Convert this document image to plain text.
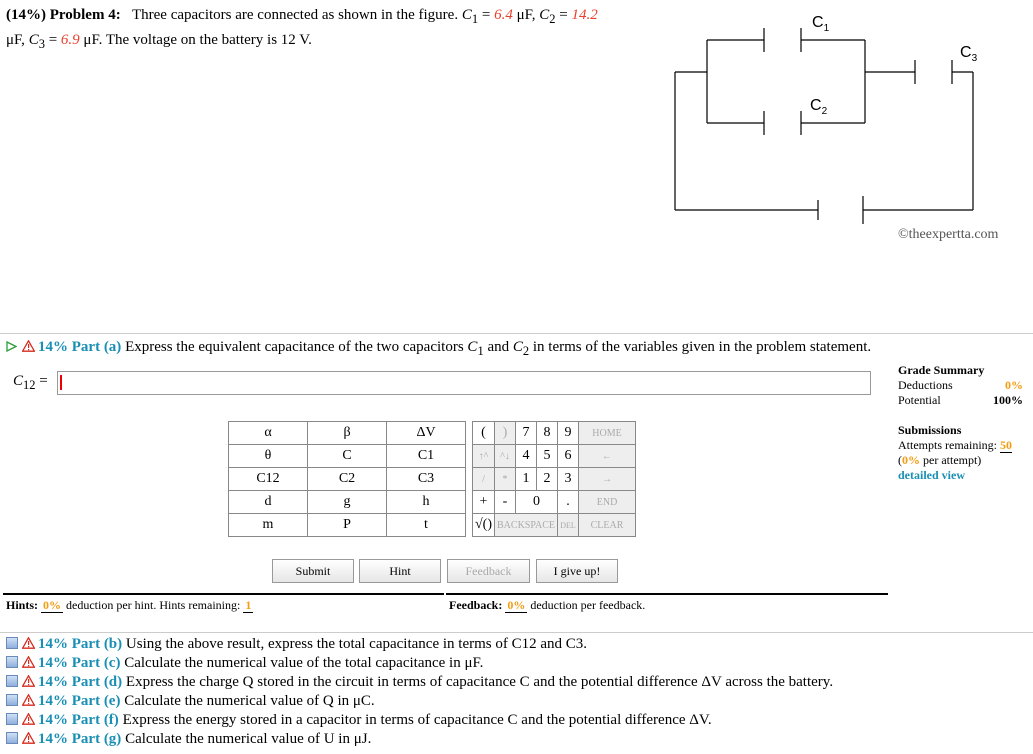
(14%) Problem 4: Three capacitors are connected as shown in the figure. $C_1 = 6.4$ μF, $C_2 = 14.2$
μF, $C_3 = 6.9$ μF. The voltage on the battery is 12 V.
$C_1$
$C_2$
$C_3$
©theexpertta.com
14% Part (a) Express the equivalent capacitance of the two capacitors $C_1$ and $C_2$ in terms of the variables given in the problem statement.
$C_{12}$ =
α	β	ΔV
θ	C	C1
C12	C2	C3
d	g	h
m	P	t
(	)	7	8	9	HOME
↑^	^↓	4	5	6	←
/	*	1	2	3	→
+	-	0		.	END
√()	BACKSPACE			DEL	CLEAR
Submit	Hint	Feedback	I give up!
Grade Summary
Deductions	0%
Potential	100%
Submissions
Attempts remaining: 50
(0% per attempt)
detailed view
Hints: 0% deduction per hint. Hints remaining: 1	Feedback: 0% deduction per feedback.
14% Part (b) Using the above result, express the total capacitance in terms of C12 and C3.
14% Part (c) Calculate the numerical value of the total capacitance in μF.
14% Part (d) Express the charge Q stored in the circuit in terms of capacitance C and the potential difference ΔV across the battery.
14% Part (e) Calculate the numerical value of Q in μC.
14% Part (f) Express the energy stored in a capacitor in terms of capacitance C and the potential difference ΔV.
14% Part (g) Calculate the numerical value of U in μJ.
